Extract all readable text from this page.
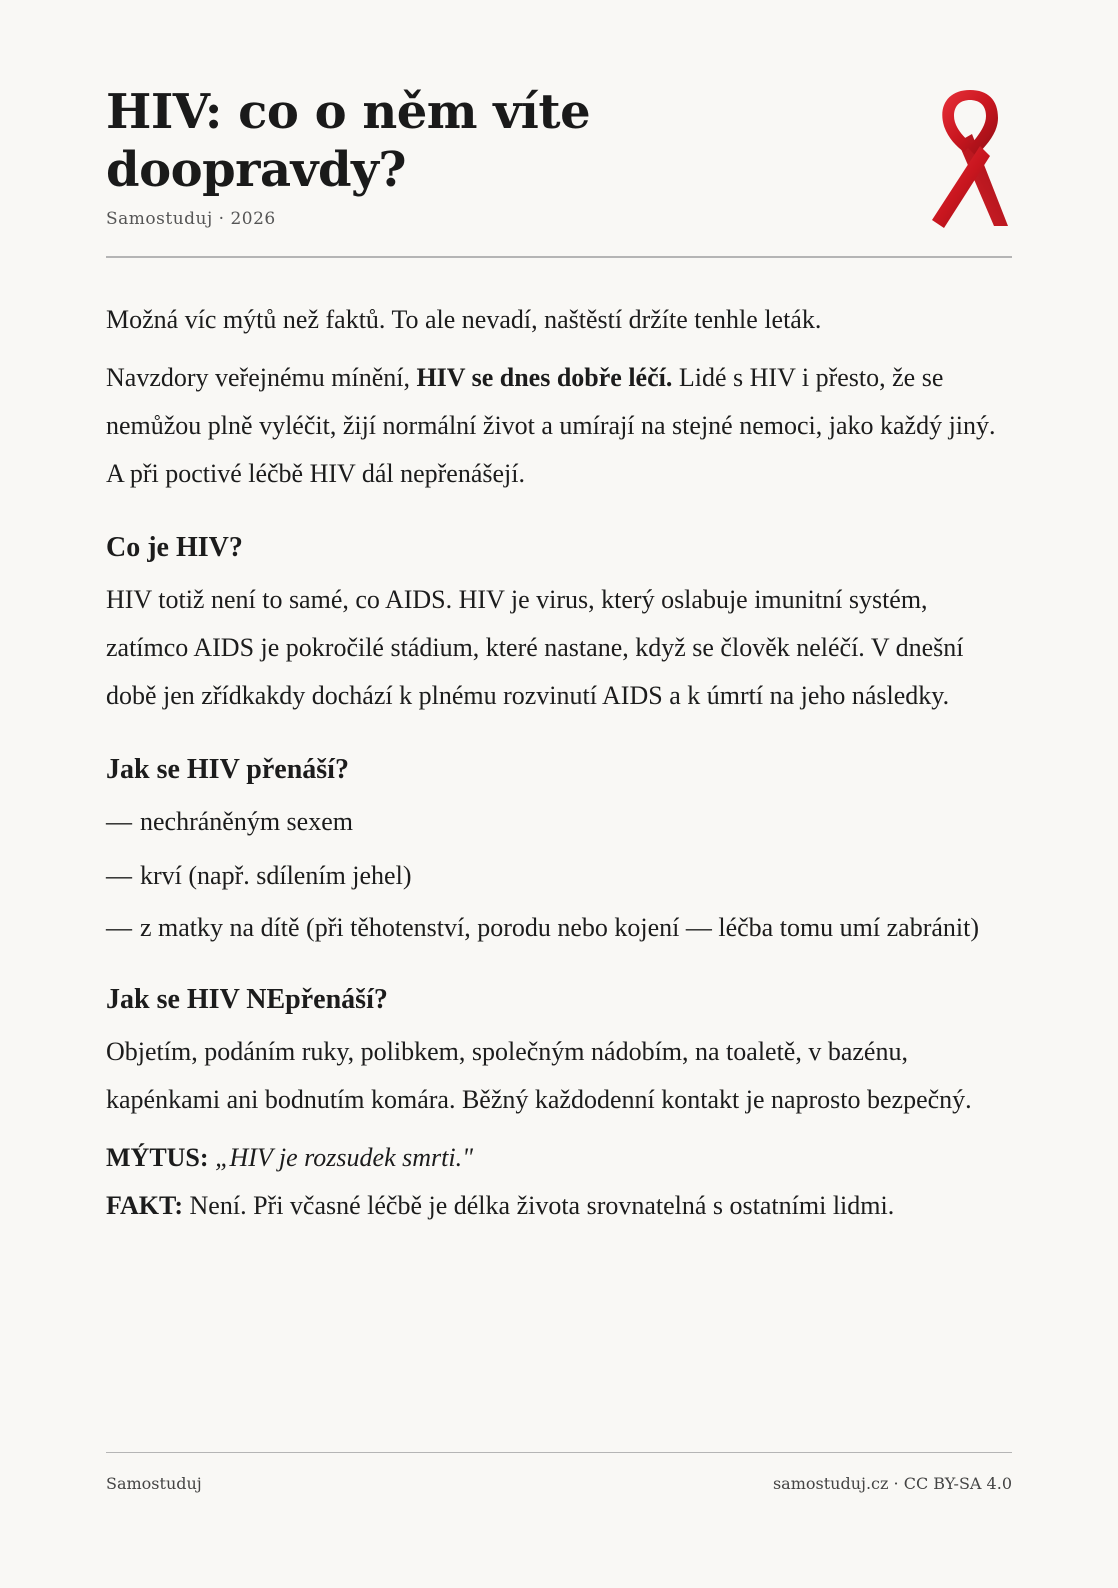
HIV: co o něm víte doopravdy?
Samostuduj · 2026

Možná víc mýtů než faktů. To ale nevadí, naštěstí držíte tenhle leták.

Navzdory veřejnému mínění, HIV se dnes dobře léčí. Lidé s HIV i přesto, že se nemůžou plně vyléčit, žijí normální život a umírají na stejné nemoci, jako každý jiný. A při poctivé léčbě HIV dál nepřenášejí.

Co je HIV?

HIV totiž není to samé, co AIDS. HIV je virus, který oslabuje imunitní systém, zatímco AIDS je pokročilé stádium, které nastane, když se člověk neléčí. V dnešní době jen zřídkakdy dochází k plnému rozvinutí AIDS a k úmrtí na jeho následky.

Jak se HIV přenáší?
— nechráněným sexem
— krví (např. sdílením jehel)
— z matky na dítě (při těhotenství, porodu nebo kojení — léčba tomu umí zabránit)
Jak se HIV NEpřenáší?

Objetím, podáním ruky, polibkem, společným nádobím, na toaletě, v bazénu, kapénkami ani bodnutím komára. Běžný každodenní kontakt je naprosto bezpečný.

MÝTUS: „HIV je rozsudek smrti."

FAKT: Není. Při včasné léčbě je délka života srovnatelná s ostatními lidmi.

Samostuduj	samostuduj.cz · CC BY-SA 4.0
